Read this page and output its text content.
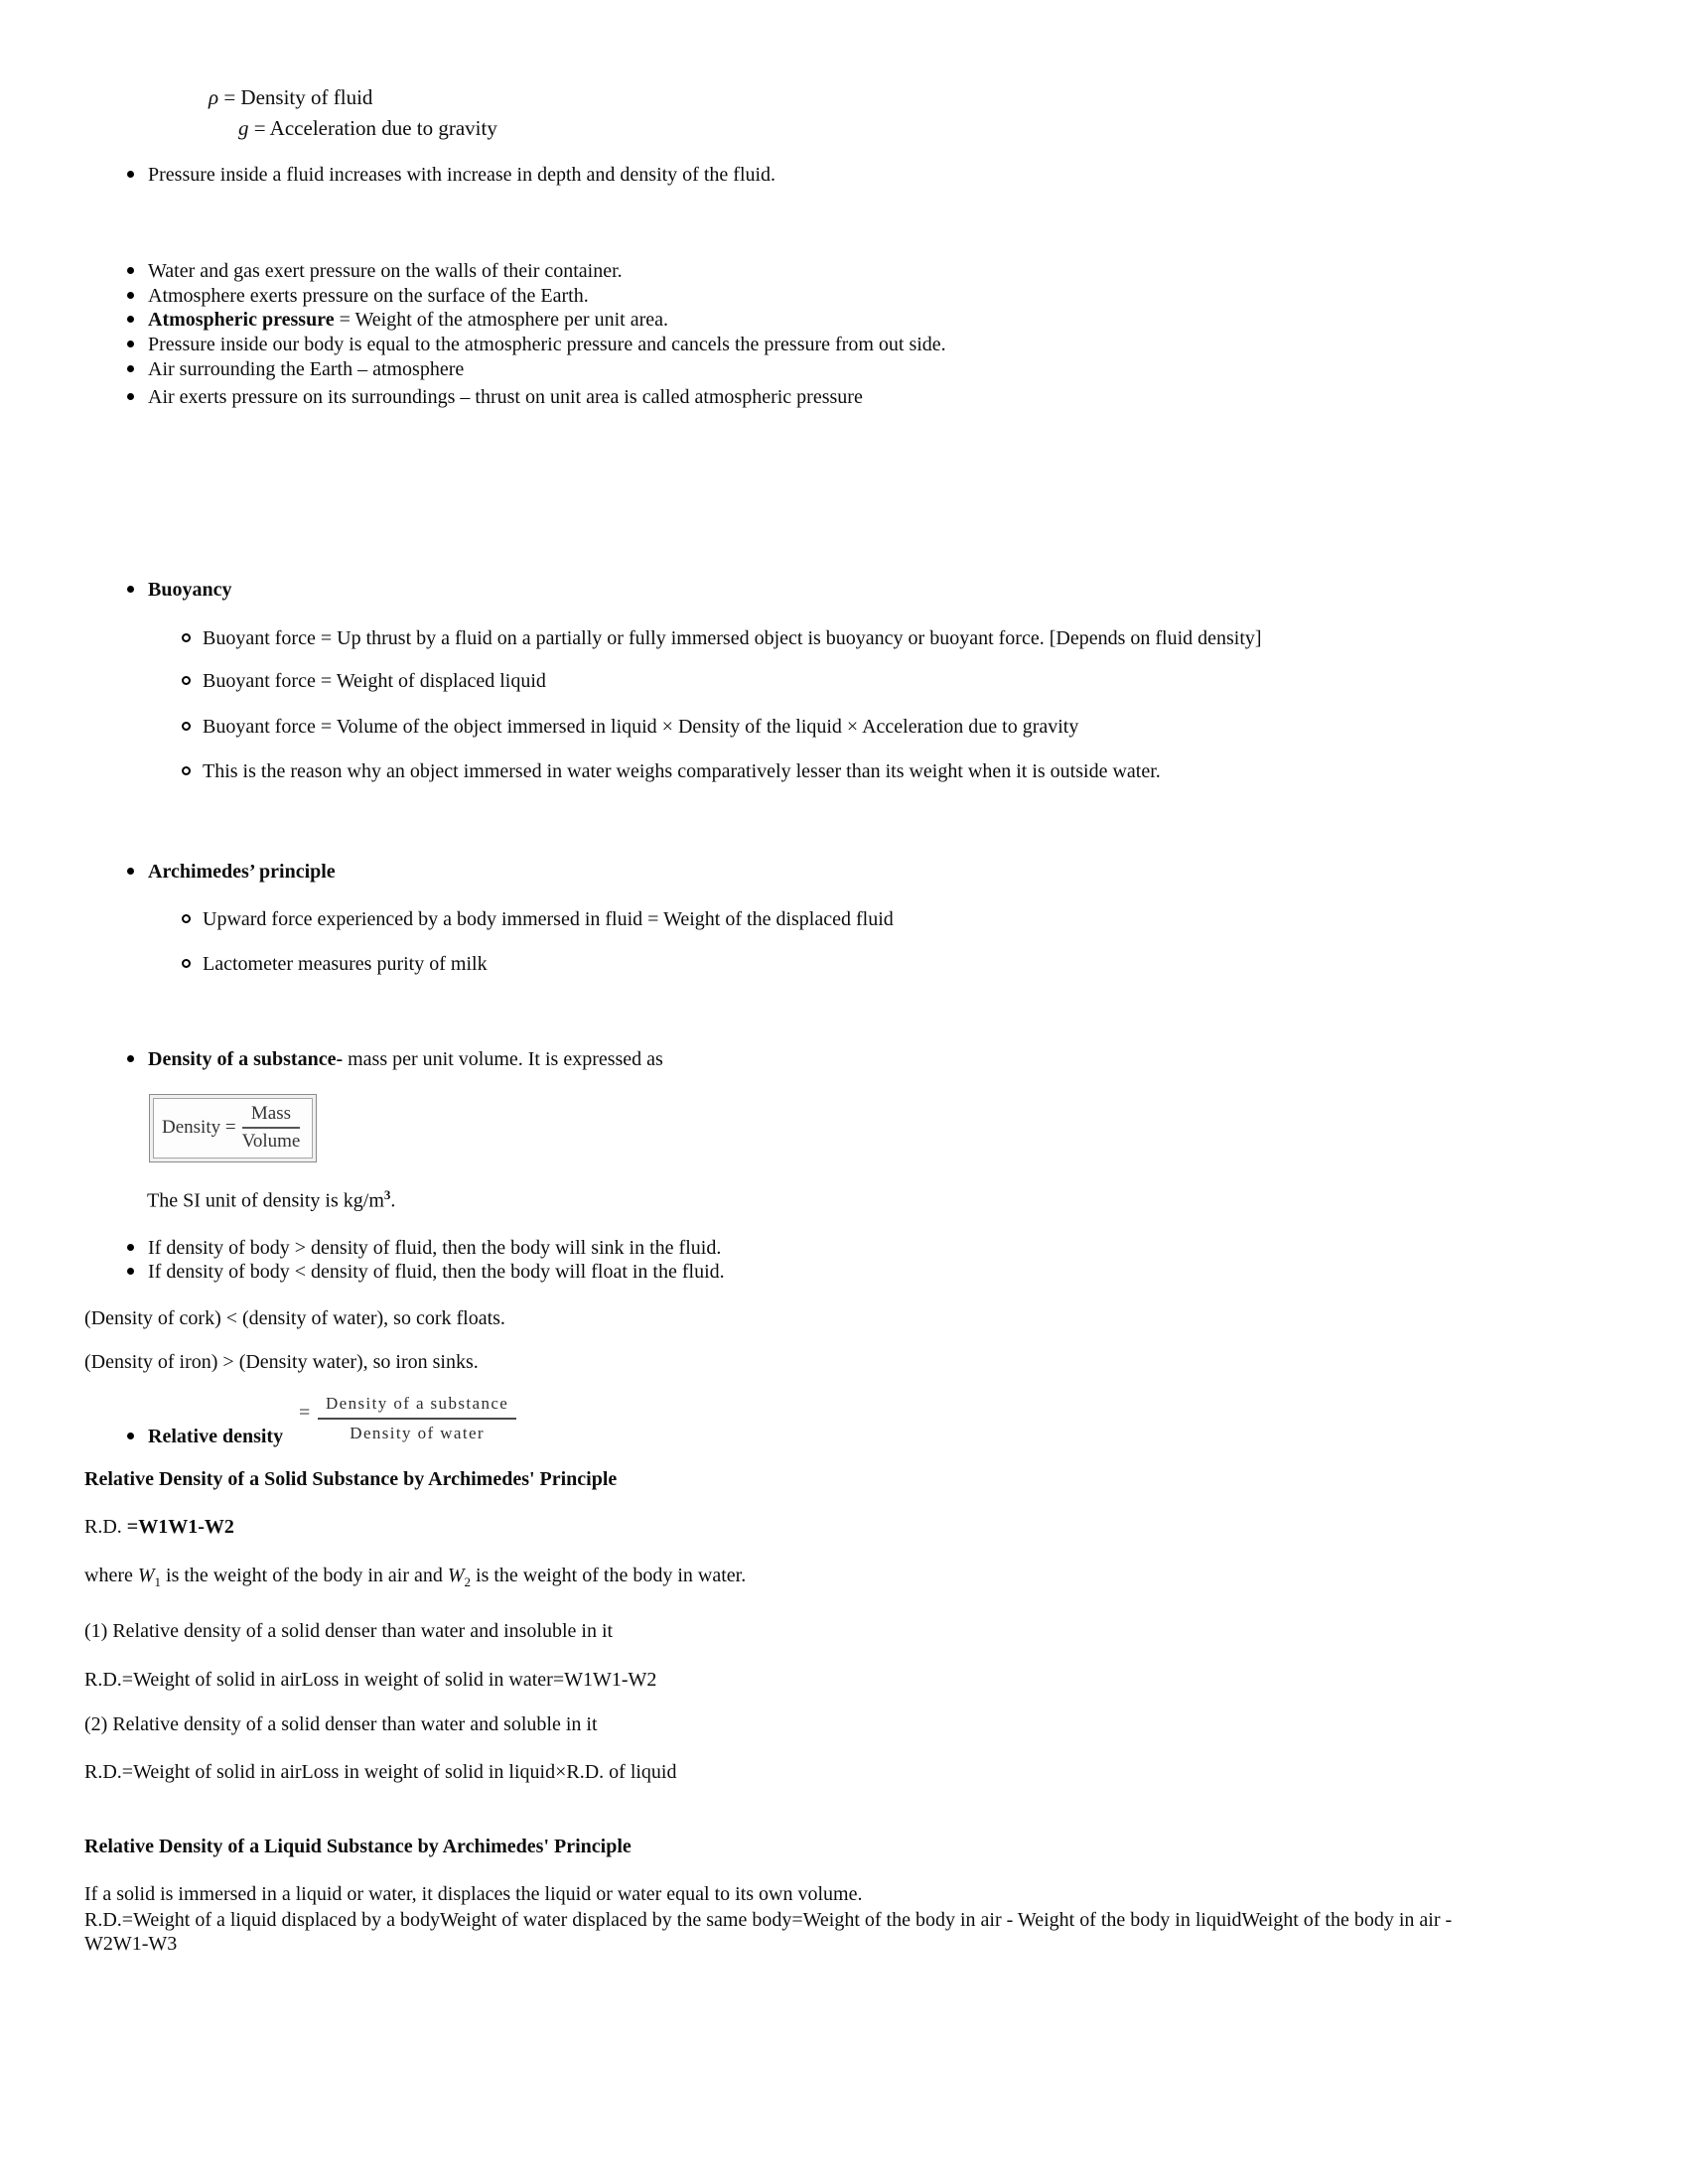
ρ = Density of fluid
g = Acceleration due to gravity
Pressure inside a fluid increases with increase in depth and density of the fluid.
Water and gas exert pressure on the walls of their container.
Atmosphere exerts pressure on the surface of the Earth.
Atmospheric pressure = Weight of the atmosphere per unit area.
Pressure inside our body is equal to the atmospheric pressure and cancels the pressure from out side.
Air surrounding the Earth – atmosphere
Air exerts pressure on its surroundings – thrust on unit area is called atmospheric pressure
Buoyancy
Buoyant force = Up thrust by a fluid on a partially or fully immersed object is buoyancy or buoyant force. [Depends on fluid density]
Buoyant force = Weight of displaced liquid
Buoyant force = Volume of the object immersed in liquid × Density of the liquid × Acceleration due to gravity
This is the reason why an object immersed in water weighs comparatively lesser than its weight when it is outside water.
Archimedes’ principle
Upward force experienced by a body immersed in fluid = Weight of the displaced fluid
Lactometer measures purity of milk
Density of a substance- mass per unit volume. It is expressed as
Density = $\frac{\text{Mass}}{\text{Volume}}$
The SI unit of density is $kg/m^3$.
If density of body > density of fluid, then the body will sink in the fluid.
If density of body < density of fluid, then the body will float in the fluid.
(Density of cork) < (density of water), so cork floats.
(Density of iron) > (Density water), so iron sinks.
Relative density
= Density of a substance
Density of water
Relative Density of a Solid Substance by Archimedes' Principle
R.D. =W1W1-W2
where $W_1$ is the weight of the body in air and $W_2$ is the weight of the body in water.
(1) Relative density of a solid denser than water and insoluble in it
R.D.=Weight of solid in airLoss in weight of solid in water=W1W1-W2
(2) Relative density of a solid denser than water and soluble in it
R.D.=Weight of solid in airLoss in weight of solid in liquid×R.D. of liquid
Relative Density of a Liquid Substance by Archimedes' Principle
If a solid is immersed in a liquid or water, it displaces the liquid or water equal to its own volume.
R.D.=Weight of a liquid displaced by a bodyWeight of water displaced by the same body=Weight of the body in air - Weight of the body in liquidWeight of the body in air -
W2W1-W3
